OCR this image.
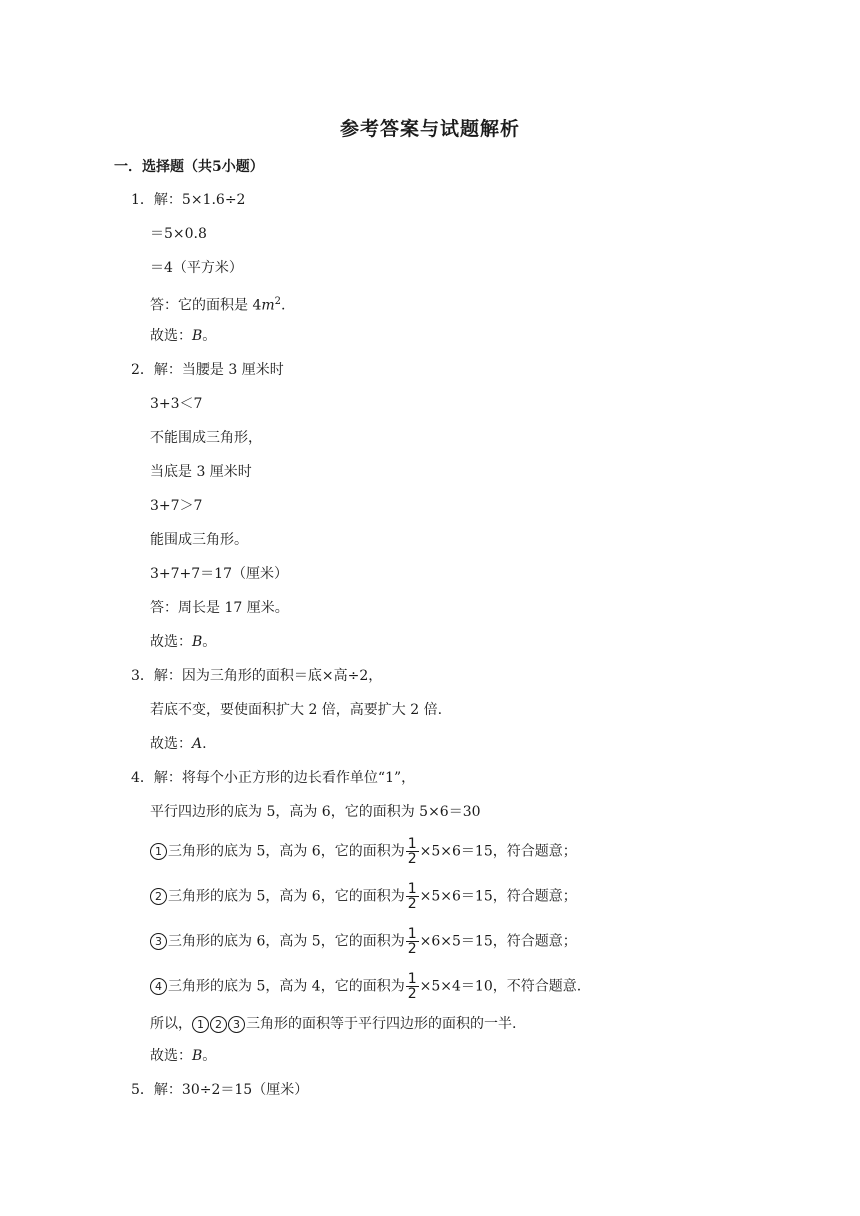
参考答案与试题解析
一．选择题（共5小题）
1．解：5×1.6÷2
＝5×0.8
＝4（平方米）
答：它的面积是 $4m^2$.
故选：B。
2．解：当腰是 3 厘米时
3+3＜7
不能围成三角形，
当底是 3 厘米时
3+7＞7
能围成三角形。
3+7+7＝17（厘米）
答：周长是 17 厘米。
故选：B。
3．解：因为三角形的面积＝底×高÷2，
若底不变，要使面积扩大 2 倍，高要扩大 2 倍.
故选：A.
4．解：将每个小正方形的边长看作单位“1”，
平行四边形的底为 5，高为 6，它的面积为 5×6＝30
1 三角形的底为 5，高为 6，它的面积为 $\frac{1}{2} \times 5\times 6=15$，符合题意；
2 三角形的底为 5，高为 6，它的面积为 $\frac{1}{2} \times 5\times 6=15$，符合题意；
3 三角形的底为 6，高为 5，它的面积为 $\frac{1}{2} \times 6\times 5=15$，符合题意；
4 三角形的底为 5，高为 4，它的面积为 $\frac{1}{2} \times 5\times 4=10$，不符合题意.
所以， 1 2 3 三角形的面积等于平行四边形的面积的一半.
故选：B。
5．解：30÷2＝15（厘米）
